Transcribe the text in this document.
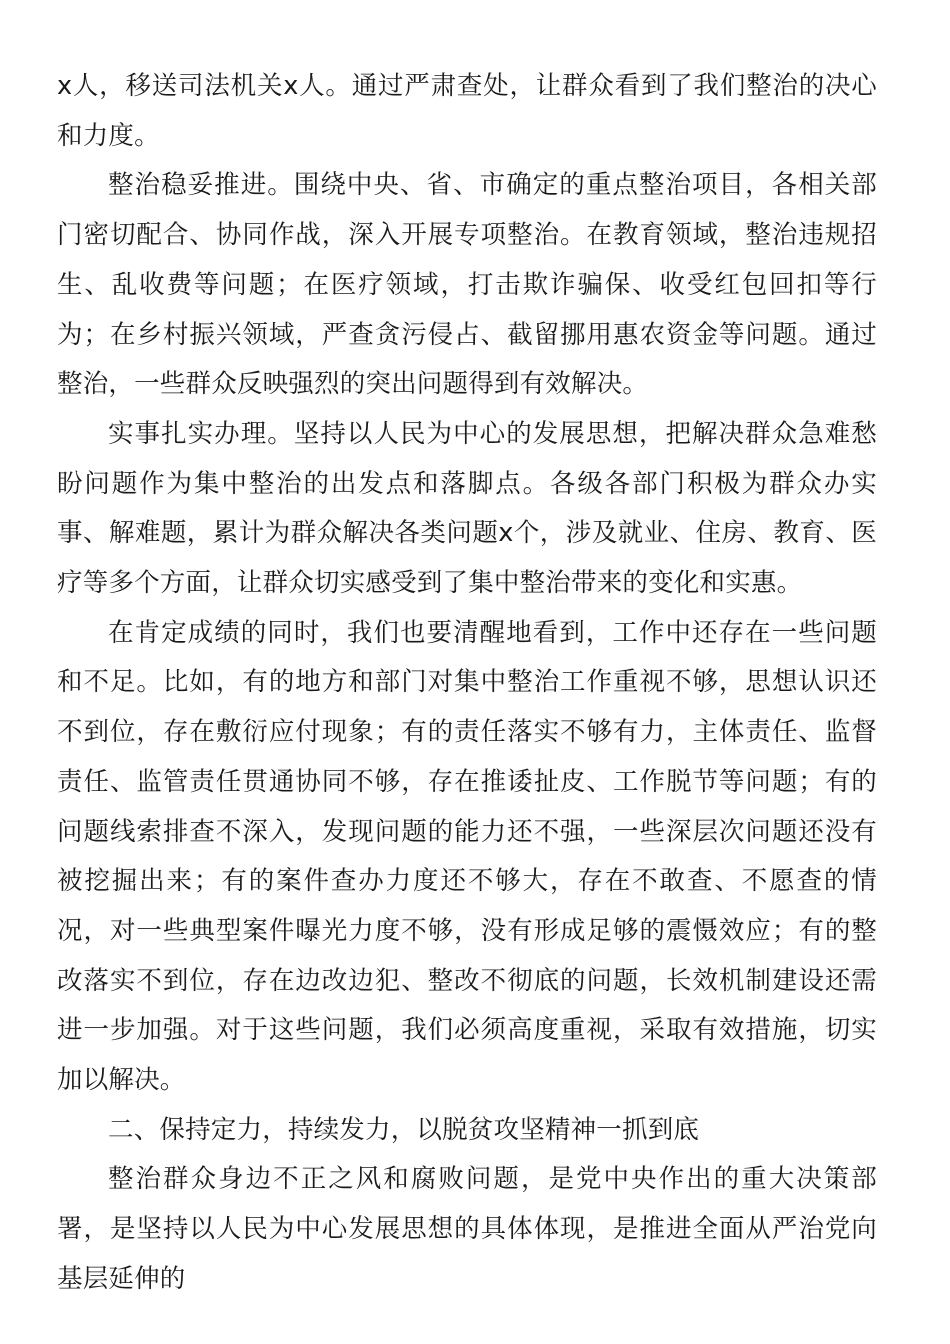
x人，移送司法机关x人。通过严肃查处，让群众看到了我们整治的决心和力度。

整治稳妥推进。围绕中央、省、市确定的重点整治项目，各相关部门密切配合、协同作战，深入开展专项整治。在教育领域，整治违规招生、乱收费等问题；在医疗领域，打击欺诈骗保、收受红包回扣等行为；在乡村振兴领域，严查贪污侵占、截留挪用惠农资金等问题。通过整治，一些群众反映强烈的突出问题得到有效解决。

实事扎实办理。坚持以人民为中心的发展思想，把解决群众急难愁盼问题作为集中整治的出发点和落脚点。各级各部门积极为群众办实事、解难题，累计为群众解决各类问题x个，涉及就业、住房、教育、医疗等多个方面，让群众切实感受到了集中整治带来的变化和实惠。

在肯定成绩的同时，我们也要清醒地看到，工作中还存在一些问题和不足。比如，有的地方和部门对集中整治工作重视不够，思想认识还不到位，存在敷衍应付现象；有的责任落实不够有力，主体责任、监督责任、监管责任贯通协同不够，存在推诿扯皮、工作脱节等问题；有的问题线索排查不深入，发现问题的能力还不强，一些深层次问题还没有被挖掘出来；有的案件查办力度还不够大，存在不敢查、不愿查的情况，对一些典型案件曝光力度不够，没有形成足够的震慑效应；有的整改落实不到位，存在边改边犯、整改不彻底的问题，长效机制建设还需进一步加强。对于这些问题，我们必须高度重视，采取有效措施，切实加以解决。

二、保持定力，持续发力，以脱贫攻坚精神一抓到底

整治群众身边不正之风和腐败问题，是党中央作出的重大决策部署，是坚持以人民为中心发展思想的具体体现，是推进全面从严治党向基层延伸的
